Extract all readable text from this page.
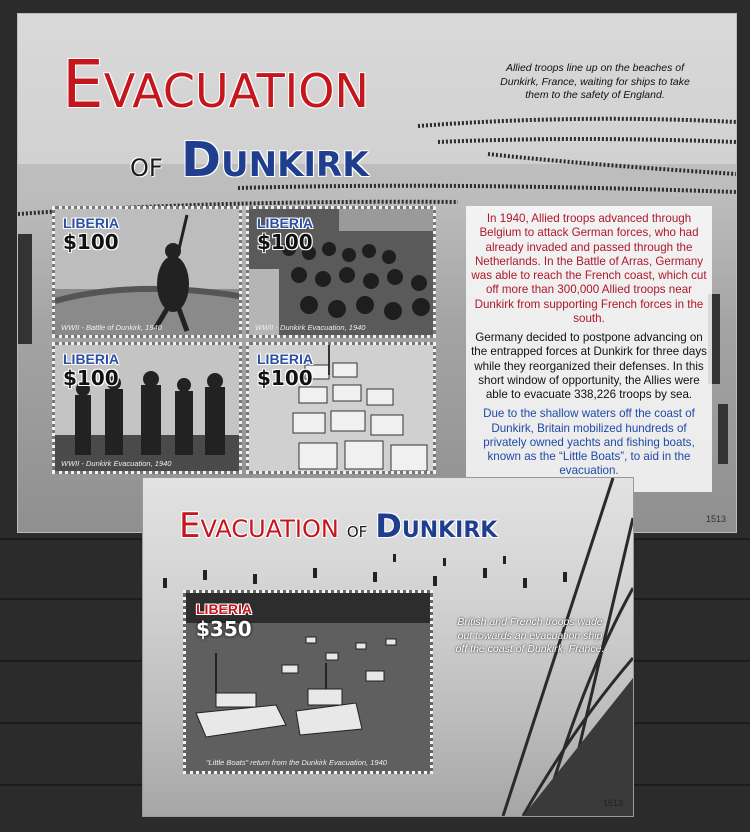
Evacuation
of Dunkirk
Allied troops line up on the beaches of Dunkirk, France, waiting for ships to take them to the safety of England.
LIBERIA
$100
WWII - Battle of Dunkirk, 1940
LIBERIA
$100
WWII - Dunkirk Evacuation, 1940
LIBERIA
$100
WWII - Dunkirk Evacuation, 1940
LIBERIA
$100

In 1940, Allied troops advanced through Belgium to attack German forces, who had already invaded and passed through the Netherlands. In the Battle of Arras, Germany was able to reach the French coast, which cut off more than 300,000 Allied troops near Dunkirk from supporting French forces in the south.

Germany decided to postpone advancing on the entrapped forces at Dunkirk for three days while they reorganized their defenses. In this short window of opportunity, the Allies were able to evacuate 338,226 troops by sea.

Due to the shallow waters off the coast of Dunkirk, Britain mobilized hundreds of privately owned yachts and fishing boats, known as the “Little Boats”, to aid in the evacuation.

1513
Evacuation of Dunkirk
British and French troops wade out towards an evacuation ship off the coast of Dunkirk, France.
LIBERIA
$350
“Little Boats” return from the Dunkirk Evacuation, 1940
1513
